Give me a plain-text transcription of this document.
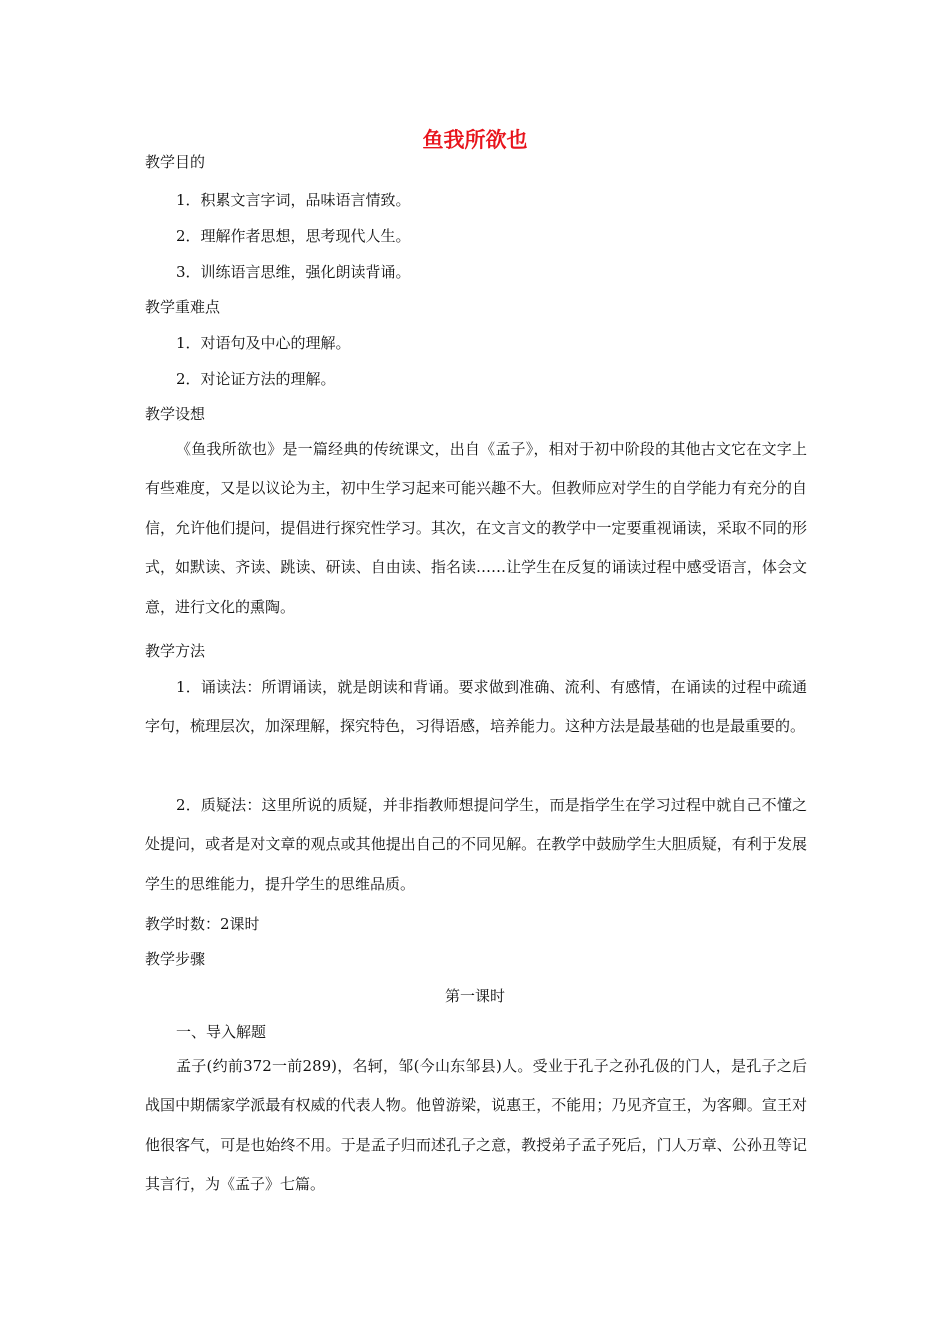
鱼我所欲也
教学目的
1．积累文言字词，品味语言情致。
2．理解作者思想，思考现代人生。
3．训练语言思维，强化朗读背诵。
教学重难点
1．对语句及中心的理解。
2．对论证方法的理解。
教学设想
《鱼我所欲也》是一篇经典的传统课文，出自《孟子》，相对于初中阶段的其他古文它在文字上有些难度，又是以议论为主，初中生学习起来可能兴趣不大。但教师应对学生的自学能力有充分的自信，允许他们提问，提倡进行探究性学习。其次，在文言文的教学中一定要重视诵读，采取不同的形式，如默读、齐读、跳读、研读、自由读、指名读……让学生在反复的诵读过程中感受语言，体会文意，进行文化的熏陶。
教学方法
1．诵读法：所谓诵读，就是朗读和背诵。要求做到准确、流利、有感情，在诵读的过程中疏通字句，梳理层次，加深理解，探究特色，习得语感，培养能力。这种方法是最基础的也是最重要的。
2．质疑法：这里所说的质疑，并非指教师想提问学生，而是指学生在学习过程中就自己不懂之处提问，或者是对文章的观点或其他提出自己的不同见解。在教学中鼓励学生大胆质疑，有利于发展学生的思维能力，提升学生的思维品质。
教学时数：2课时
教学步骤
第一课时
一、导入解题
孟子(约前372一前289)，名轲，邹(今山东邹县)人。受业于孔子之孙孔伋的门人，是孔子之后战国中期儒家学派最有权威的代表人物。他曾游梁，说惠王，不能用；乃见齐宣王，为客卿。宣王对他很客气，可是也始终不用。于是孟子归而述孔子之意，教授弟子孟子死后，门人万章、公孙丑等记其言行，为《孟子》七篇。
